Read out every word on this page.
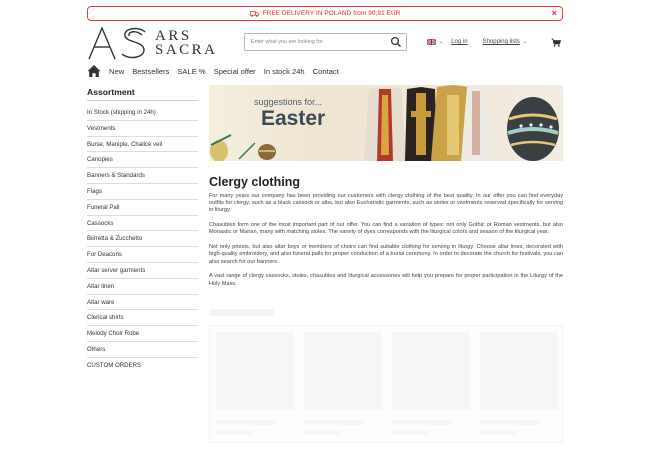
FREE DELIVERY IN POLAND from 90,91 EUR	×
ARS
SACRA
Enter what you are looking for	⌄ Log in	Shopping lists ⌄
New Bestsellers SALE % Special offer In stock 24h Contact
Assortment
In Stock (shipping in 24h)
Vestments
Burse, Maniple, Chalice veil
Canopies
Banners & Standards
Flags
Funeral Pall
Cassocks
Biirretta & Zucchetto
For Deacons
Altar server garments
Altar linen
Altar ware
Clerical shirts
Melody Choir Robe
Others
CUSTOM ORDERS
suggestions for...
Easter
Clergy clothing

For many years our company has been providing our customers with clergy clothing of the best quality. In our offer you can find everyday outfits for clergy, such as a black cassock or albs, but also Eucharistic garments, such as stoles or vestments reserved specifically for serving in liturgy.

Chasubles form one of the most important part of our offer. You can find a variation of types: not only Gothic or Roman vestments, but also Monastic or Marian, many with matching stoles. The variety of dyes corresponds with the liturgical colors and season of the liturgical year.

Not only priests, but also altar boys or members of choirs can find suitable clothing for serving in liturgy. Choose altar lines, decorated with high-quality embroidery, and also funeral palls for proper conduction of a burial ceremony. In order to decorate the church for festivals, you can also search for our banners.

A vast range of clergy cassocks, stoles, chasubles and liturgical accessories will help you prepare for proper participation in the Liturgy of the Holy Mass.
